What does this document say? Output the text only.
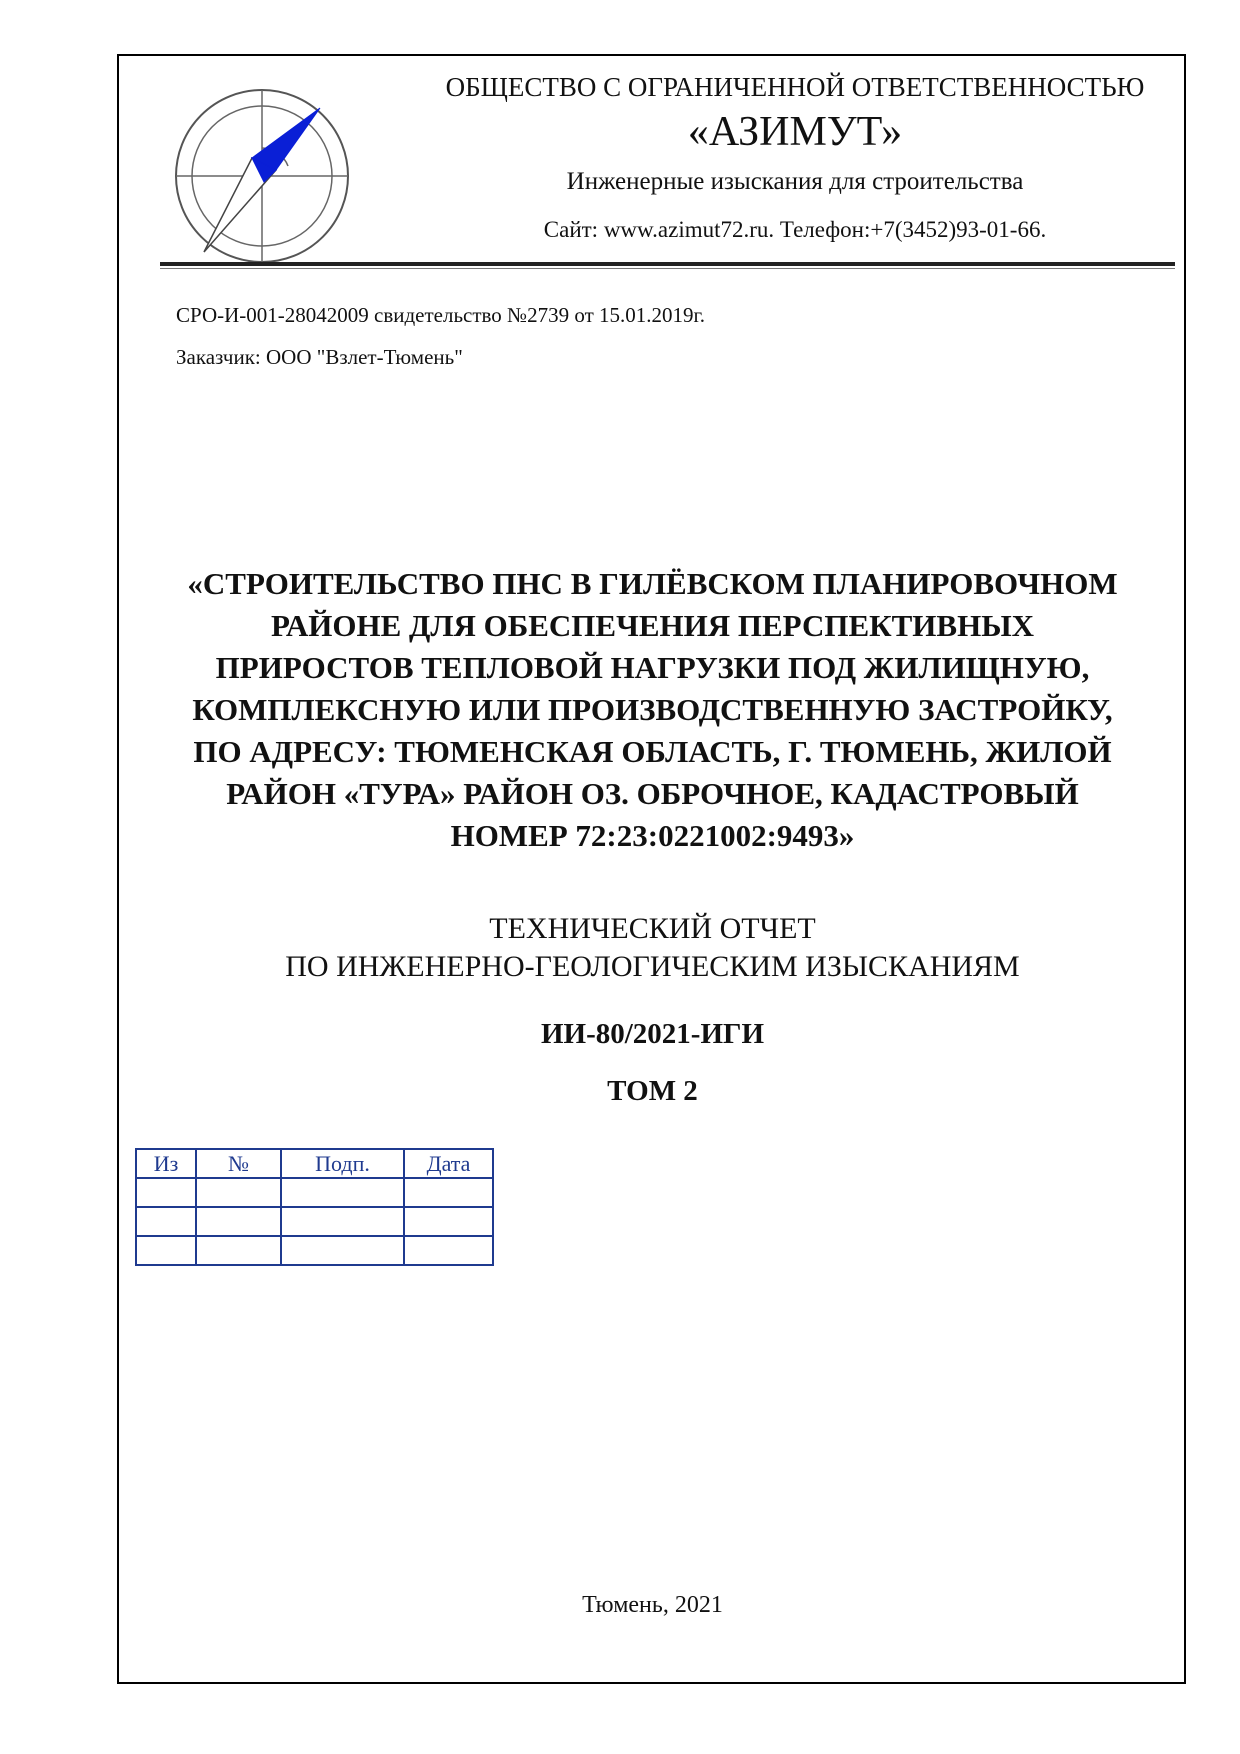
ОБЩЕСТВО С ОГРАНИЧЕННОЙ ОТВЕТСТВЕННОСТЬЮ
«АЗИМУТ»
Инженерные изыскания для строительства
Сайт: www.azimut72.ru. Телефон:+7(3452)93-01-66.
СРО-И-001-28042009 свидетельство №2739 от 15.01.2019г.
Заказчик: ООО "Взлет-Тюмень"
«СТРОИТЕЛЬСТВО ПНС В ГИЛЁВСКОМ ПЛАНИРОВОЧНОМ
РАЙОНЕ ДЛЯ ОБЕСПЕЧЕНИЯ ПЕРСПЕКТИВНЫХ
ПРИРОСТОВ ТЕПЛОВОЙ НАГРУЗКИ ПОД ЖИЛИЩНУЮ,
КОМПЛЕКСНУЮ ИЛИ ПРОИЗВОДСТВЕННУЮ ЗАСТРОЙКУ,
ПО АДРЕСУ: ТЮМЕНСКАЯ ОБЛАСТЬ, Г. ТЮМЕНЬ, ЖИЛОЙ
РАЙОН «ТУРА» РАЙОН ОЗ. ОБРОЧНОЕ, КАДАСТРОВЫЙ
НОМЕР 72:23:0221002:9493»
ТЕХНИЧЕСКИЙ ОТЧЕТ
ПО ИНЖЕНЕРНО-ГЕОЛОГИЧЕСКИМ ИЗЫСКАНИЯМ
ИИ-80/2021-ИГИ
ТОМ 2
Из	№	Подп.	Дата

Тюмень, 2021
